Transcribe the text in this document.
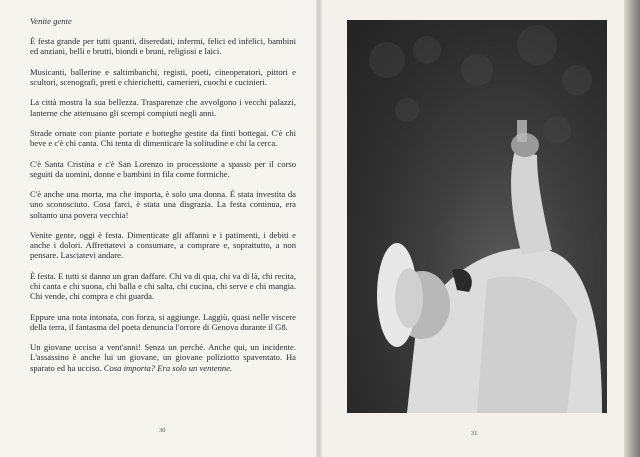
Venite gente

È festa grande per tutti quanti, diseredati, infermi, felici ed infelici, bambini ed anziani, belli e brutti, biondi e bruni, religiosi e laici.

Musicanti, ballerine e saltimbanchi, registi, poeti, cineoperatori, pittori e scultori, scenografi, preti e chierichetti, camerieri, cuochi e cucinieri.

La città mostra la sua bellezza. Trasparenze che avvolgono i vecchi palazzi, lanterne che attenuano gli scempi compiuti negli anni.

Strade ornate con piante portate e botteghe gestite da finti bottegai. C'è chi beve e c'è chi canta. Chi tenta di dimenticare la solitudine e chi la cerca.

C'è Santa Cristina e c'è San Lorenzo in processione a spasso per il corso seguiti da uomini, donne e bambini in fila come formiche.

C'è anche una morta, ma che importa, è solo una donna. È stata investita da uno sconosciuto. Cosa farci, è stata una disgrazia. La festa continua, era soltanto una povera vecchia!

Venite gente, oggi è festa. Dimenticate gli affanni e i patimenti, i debiti e anche i dolori. Affrettatevi a consumare, a comprare e, soprattutto, a non pensare. Lasciatevi andare.

È festa. E tutti si danno un gran daffare. Chi va di qua, chi va di là, chi recita, chi canta e chi suona, chi balla e chi salta, chi cucina, chi serve e chi mangia. Chi vende, chi compra e chi guarda.

Eppure una nota intonata, con forza, si aggiunge. Laggiù, quasi nelle viscere della terra, il fantasma del poeta denuncia l'orrore di Genova durante il G8.

Un giovane ucciso a vent'anni! Senza un perché. Anche qui, un incidente. L'assassino è anche lui un giovane, un giovane poliziotto spaventato. Ha sparato ed ha ucciso. Cosa importa? Era solo un ventenne.

30	31
